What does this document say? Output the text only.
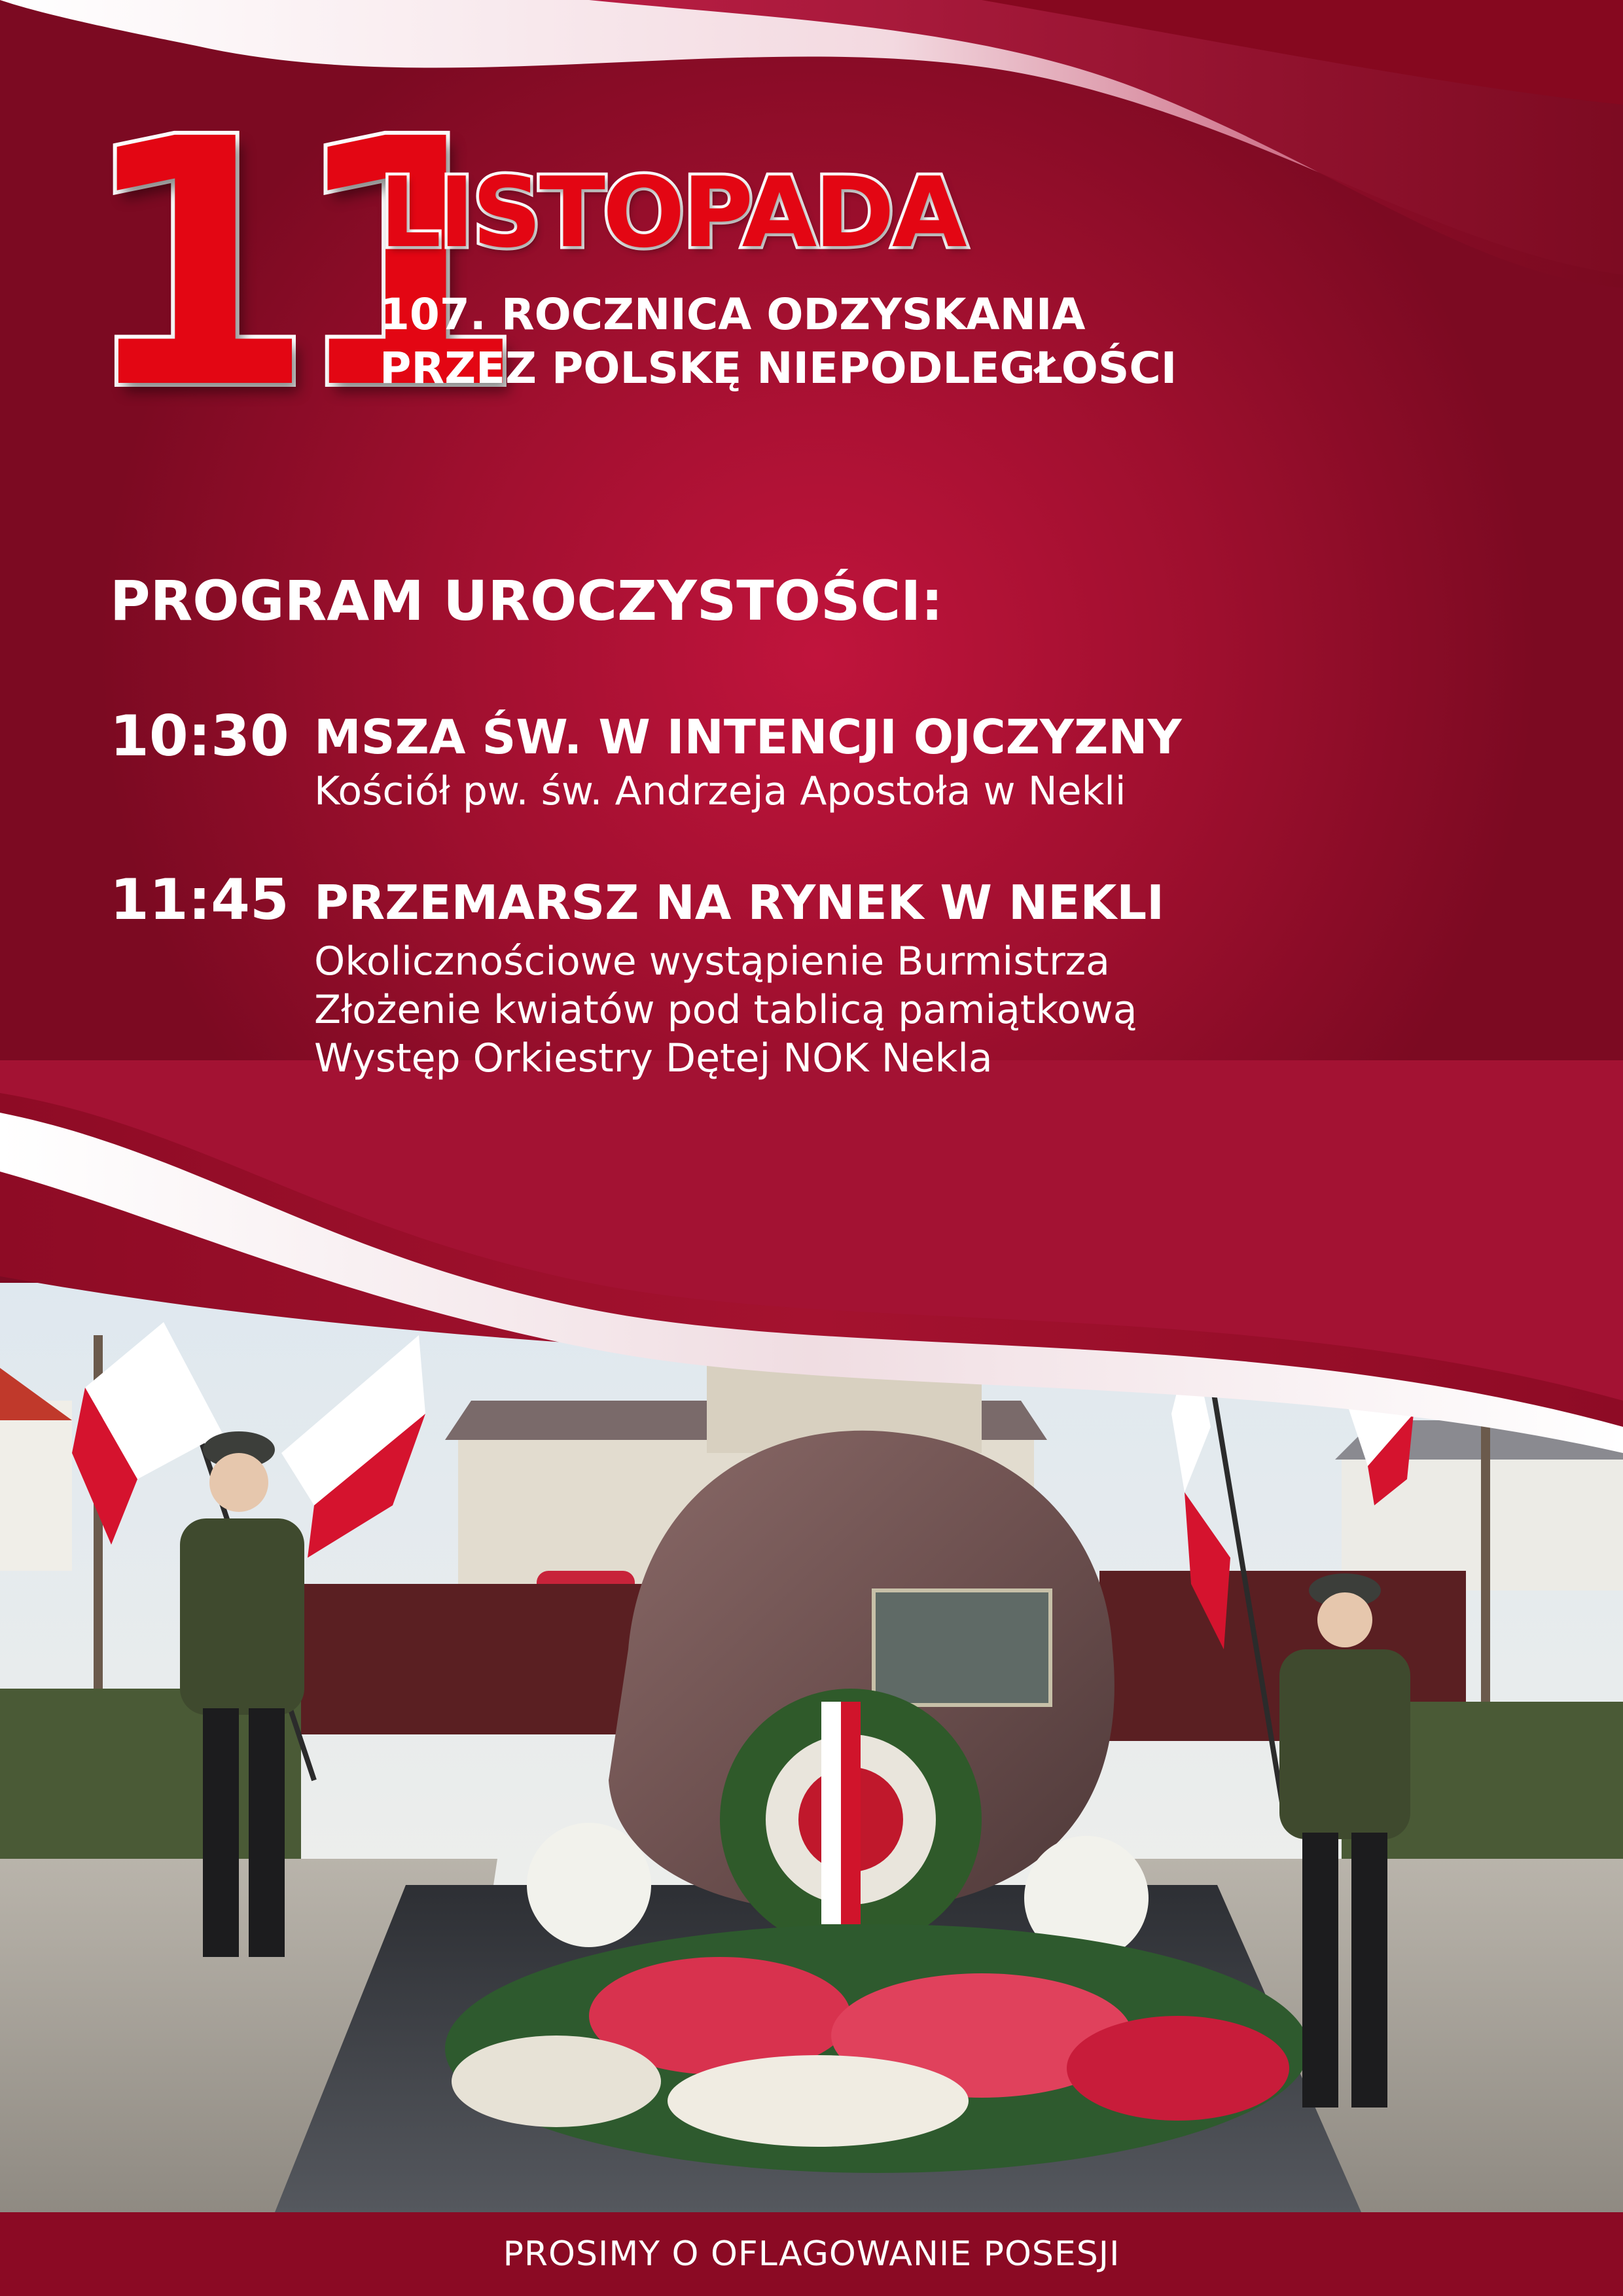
11
LISTOPADA
107. ROCZNICA ODZYSKANIA
PRZEZ POLSKĘ NIEPODLEGŁOŚCI
PROGRAM UROCZYSTOŚCI:
10:30 MSZA ŚW. W INTENCJI OJCZYZNY
Kościół pw. św. Andrzeja Apostoła w Nekli
11:45 PRZEMARSZ NA RYNEK W NEKLI
Okolicznościowe wystąpienie Burmistrza
Złożenie kwiatów pod tablicą pamiątkową
Występ Orkiestry Dętej NOK Nekla
PROSIMY O OFLAGOWANIE POSESJI
